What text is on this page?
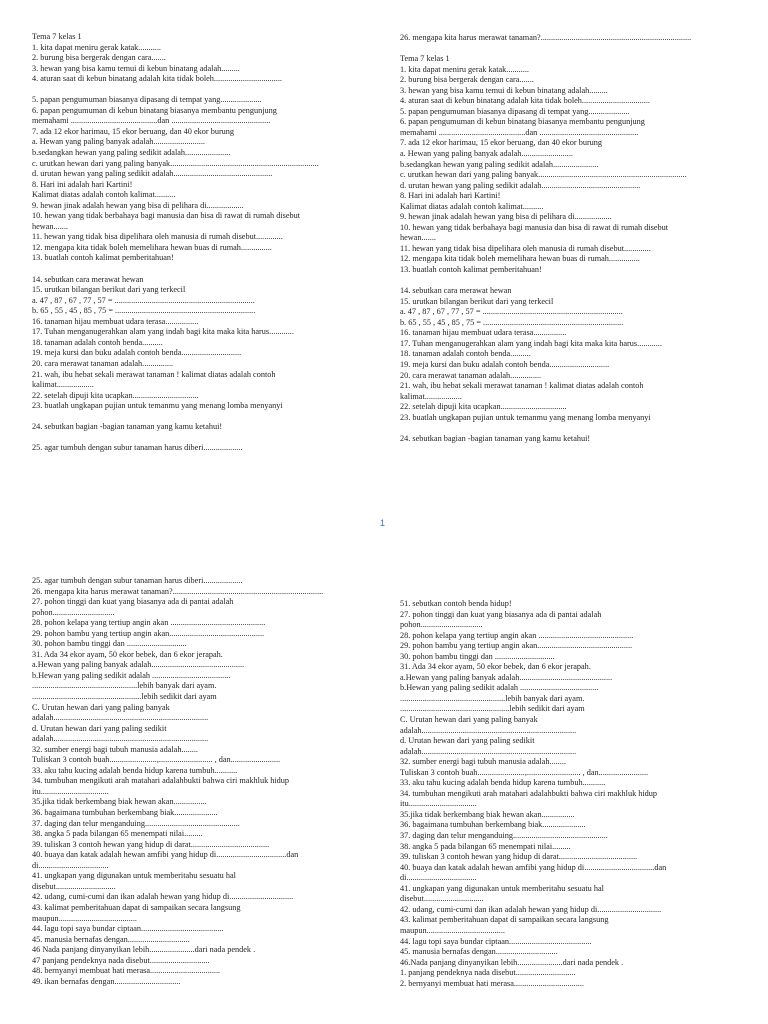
Tema 7 kelas 1
1. kita dapat meniru gerak katak...........
2. burung bisa bergerak dengan cara.......
3. hewan yang bisa kamu temui di kebun binatang adalah.........
4. aturan saat di kebun binatang adalah kita tidak boleh.................................
5. papan pengumuman biasanya dipasang di tempat yang....................
6. papan pengumuman di kebun binatang biasanya membantu pengunjung
memahami ..........................................dan ................................................
7. ada 12 ekor harimau, 15 ekor beruang, dan 40 ekor burung
a. Hewan yang paling banyak adalah.........................
b.sedangkan hewan yang paling sedikit adalah......................
c. urutkan hewan dari yang paling banyak........................................................................
d. urutan hewan yang paling sedikit adalah................................................
8. Hari ini adalah hari Kartini!
Kalimat diatas adalah contoh kalimat..........
9. hewan jinak adalah hewan yang bisa di pelihara di..................
10. hewan yang tidak berbahaya bagi manusia dan bisa di rawat di rumah disebut
hewan.......
11. hewan yang tidak bisa dipelihara oleh manusia di rumah disebut.............
12. mengapa kita tidak boleh memelihara hewan buas di rumah...............
13. buatlah contoh kalimat pemberitahuan!
14. sebutkan cara merawat hewan
15. urutkan bilangan berikut dari yang terkecil
a. 47 , 87 , 67 , 77 , 57 = ....................................................................
b. 65 , 55 , 45 , 85 , 75 = ....................................................................
16. tanaman hijau membuat udara terasa................
17. Tuhan menganugerahkan alam yang indah bagi kita maka kita harus............
18. tanaman adalah contoh benda..........
19. meja kursi dan buku adalah contoh benda.............................
20. cara merawat tanaman adalah...............
21. wah, ibu hebat sekali merawat tanaman ! kalimat diatas adalah contoh
kalimat..................
22. setelah dipuji kita ucapkan................................
23. buatlah ungkapan pujian untuk temanmu yang menang lomba menyanyi
24. sebutkan bagian -bagian tanaman yang kamu ketahui!
25. agar tumbuh dengan subur tanaman harus diberi...................
26. mengapa kita harus merawat tanaman?.........................................................................
Tema 7 kelas 1
1. kita dapat meniru gerak katak...........
2. burung bisa bergerak dengan cara.......
3. hewan yang bisa kamu temui di kebun binatang adalah.........
4. aturan saat di kebun binatang adalah kita tidak boleh.................................
5. papan pengumuman biasanya dipasang di tempat yang....................
6. papan pengumuman di kebun binatang biasanya membantu pengunjung
memahami ..........................................dan ................................................
7. ada 12 ekor harimau, 15 ekor beruang, dan 40 ekor burung
a. Hewan yang paling banyak adalah.........................
b.sedangkan hewan yang paling sedikit adalah......................
c. urutkan hewan dari yang paling banyak........................................................................
d. urutan hewan yang paling sedikit adalah................................................
8. Hari ini adalah hari Kartini!
Kalimat diatas adalah contoh kalimat..........
9. hewan jinak adalah hewan yang bisa di pelihara di..................
10. hewan yang tidak berbahaya bagi manusia dan bisa di rawat di rumah disebut
hewan.......
11. hewan yang tidak bisa dipelihara oleh manusia di rumah disebut.............
12. mengapa kita tidak boleh memelihara hewan buas di rumah...............
13. buatlah contoh kalimat pemberitahuan!
14. sebutkan cara merawat hewan
15. urutkan bilangan berikut dari yang terkecil
a. 47 , 87 , 67 , 77 , 57 = ....................................................................
b. 65 , 55 , 45 , 85 , 75 = ....................................................................
16. tanaman hijau membuat udara terasa................
17. Tuhan menganugerahkan alam yang indah bagi kita maka kita harus............
18. tanaman adalah contoh benda..........
19. meja kursi dan buku adalah contoh benda.............................
20. cara merawat tanaman adalah...............
21. wah, ibu hebat sekali merawat tanaman ! kalimat diatas adalah contoh
kalimat..................
22. setelah dipuji kita ucapkan................................
23. buatlah ungkapan pujian untuk temanmu yang menang lomba menyanyi
24. sebutkan bagian -bagian tanaman yang kamu ketahui!
1
25. agar tumbuh dengan subur tanaman harus diberi...................
26. mengapa kita harus merawat tanaman?.........................................................................
27. pohon tinggi dan kuat yang biasanya ada di pantai adalah
pohon..............................
28. pohon kelapa yang tertiup angin akan ..............................................
29. pohon bambu yang tertiup angin akan..............................................
30. pohon bambu tinggi dan .............................
31. Ada 34 ekor ayam, 50 ekor bebek, dan 6 ekor jerapah.
a.Hewan yang paling banyak adalah.............................................
b.Hewan yang paling sedikit adalah ......................................
...................................................lebih banyak dari ayam.
.....................................................lebih sedikit dari ayam
C. Urutan hewan dari yang paling banyak
adalah...........................................................................
d. Urutan hewan dari yang paling sedikit
adalah...........................................................................
32. sumber energi bagi tubuh manusia adalah........
Tuliskan 3 contoh buah.......................,.......................... , dan........................
33. aku tahu kucing adalah benda hidup karena tumbuh...........
34. tumbuhan mengikuti arah matahari adalahbukti bahwa ciri makhluk hidup
itu.................................
35.jika tidak berkembang biak hewan akan................
36. bagaimana tumbuhan berkembang biak.....................
37. daging dan telur menganduing..............................................
38. angka 5 pada bilangan 65 menempati nilai.........
39. tuliskan 3 contoh hewan yang hidup di darat......................................
40. buaya dan katak adalah hewan amfibi yang hidup di..................................dan
di..................................
41. ungkapan yang digunakan untuk memberitahu sesuatu hal
disebut.............................
42. udang, cumi-cumi dan ikan adalah hewan yang hidup di...............................
43. kalimat pemberitahuan dapat di sampaikan secara langsung
maupun......................................
44. lagu topi saya bundar ciptaan........................................
45. manusia bernafas dengan..............................
46 Nada panjang dinyanyikan lebih......................dari nada pendek .
47 panjang pendeknya nada disebut.............................
48. bernyanyi membuat hati merasa..................................
49. ikan bernafas dengan................................
51. sebutkan contoh benda hidup!
27. pohon tinggi dan kuat yang biasanya ada di pantai adalah
pohon..............................
28. pohon kelapa yang tertiup angin akan ..............................................
29. pohon bambu yang tertiup angin akan..............................................
30. pohon bambu tinggi dan .............................
31. Ada 34 ekor ayam, 50 ekor bebek, dan 6 ekor jerapah.
a.Hewan yang paling banyak adalah.............................................
b.Hewan yang paling sedikit adalah ......................................
...................................................lebih banyak dari ayam.
.....................................................lebih sedikit dari ayam
C. Urutan hewan dari yang paling banyak
adalah...........................................................................
d. Urutan hewan dari yang paling sedikit
adalah...........................................................................
32. sumber energi bagi tubuh manusia adalah........
Tuliskan 3 contoh buah.......................,.......................... , dan........................
33. aku tahu kucing adalah benda hidup karena tumbuh...........
34. tumbuhan mengikuti arah matahari adalahbukti bahwa ciri makhluk hidup
itu.................................
35.jika tidak berkembang biak hewan akan................
36. bagaimana tumbuhan berkembang biak.....................
37. daging dan telur menganduing..............................................
38. angka 5 pada bilangan 65 menempati nilai.........
39. tuliskan 3 contoh hewan yang hidup di darat......................................
40. buaya dan katak adalah hewan amfibi yang hidup di..................................dan
di..................................
41. ungkapan yang digunakan untuk memberitahu sesuatu hal
disebut.............................
42. udang, cumi-cumi dan ikan adalah hewan yang hidup di...............................
43. kalimat pemberitahuan dapat di sampaikan secara langsung
maupun......................................
44. lagu topi saya bundar ciptaan........................................
45. manusia bernafas dengan..............................
46.Nada panjang dinyanyikan lebih......................dari nada pendek .
1. panjang pendeknya nada disebut.............................
2. bernyanyi membuat hati merasa..................................
